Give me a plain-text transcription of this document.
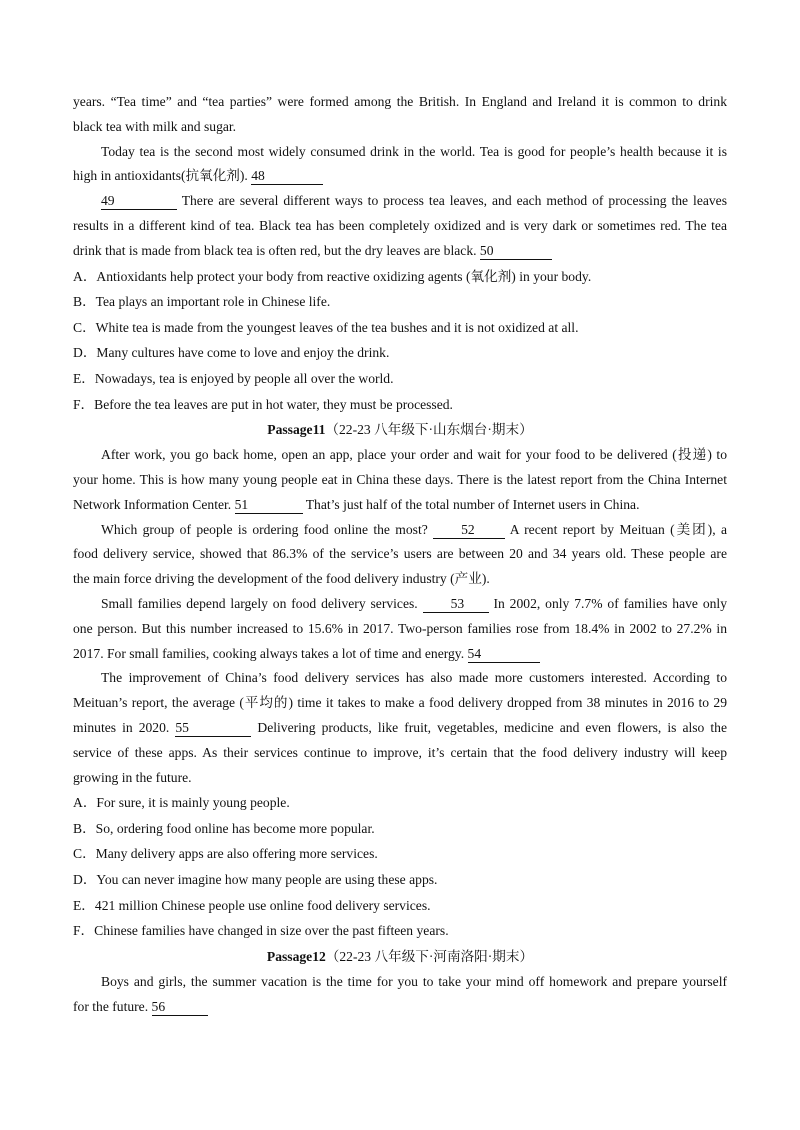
years. “Tea time” and “tea parties” were formed among the British. In England and Ireland it is common to drink

black tea with milk and sugar.

Today tea is the second most widely consumed drink in the world. Tea is good for people’s health because it is

high in antioxidants(抗氧化剂). 48

49	There are several different ways to process tea leaves, and each method of processing the leaves

results in a different kind of tea. Black tea has been completely oxidized and is very dark or sometimes red. The tea

drink that is made from black tea is often red, but the dry leaves are black. 50

A．Antioxidants help protect your body from reactive oxidizing agents (氧化剂) in your body.

B．Tea plays an important role in Chinese life.

C．White tea is made from the youngest leaves of the tea bushes and it is not oxidized at all.

D．Many cultures have come to love and enjoy the drink.

E．Nowadays, tea is enjoyed by people all over the world.

F．Before the tea leaves are put in hot water, they must be processed.

Passage11（22-23 八年级下·山东烟台·期末）

After work, you go back home, open an app, place your order and wait for your food to be delivered (投递) to

your home. This is how many young people eat in China these days. There is the latest report from the China Internet

Network Information Center. 51	That’s just half of the total number of Internet users in China.

Which group of people is ordering food online the most? 52	A recent report by Meituan (美团), a

food delivery service, showed that 86.3% of the service’s users are between 20 and 34 years old. These people are

the main force driving the development of the food delivery industry (产业).

Small families depend largely on food delivery services. 53 In 2002, only 7.7% of families have only

one person. But this number increased to 15.6% in 2017. Two-person families rose from 18.4% in 2002 to 27.2% in

2017. For small families, cooking always takes a lot of time and energy. 54

The improvement of China’s food delivery services has also made more customers interested. According to

Meituan’s report, the average (平均的) time it takes to make a food delivery dropped from 38 minutes in 2016 to 29

minutes in 2020. 55	Delivering products, like fruit, vegetables, medicine and even flowers, is also the

service of these apps. As their services continue to improve, it’s certain that the food delivery industry will keep

growing in the future.

A．For sure, it is mainly young people.

B．So, ordering food online has become more popular.

C．Many delivery apps are also offering more services.

D．You can never imagine how many people are using these apps.

E．421 million Chinese people use online food delivery services.

F．Chinese families have changed in size over the past fifteen years.

Passage12（22-23 八年级下·河南洛阳·期末）

Boys and girls, the summer vacation is the time for you to take your mind off homework and prepare yourself

for the future. 56
